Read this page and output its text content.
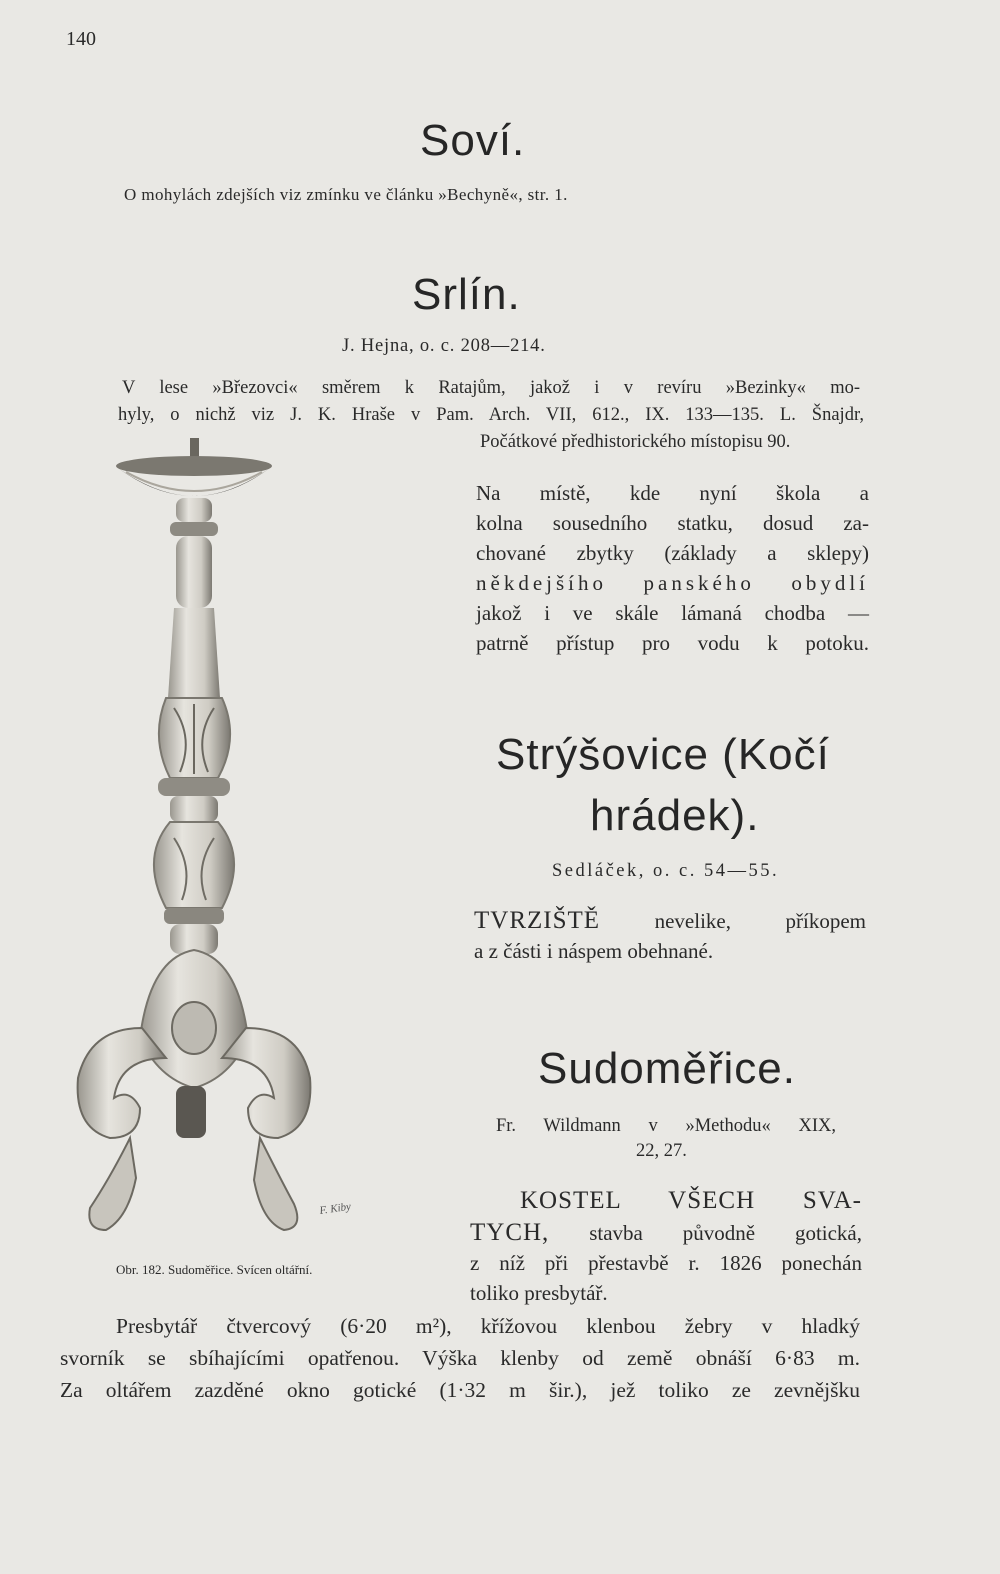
140
Soví.
O mohylách zdejších viz zmínku ve článku »Bechyně«, str. 1.
Srlín.
J. Hejna, o. c. 208—214.
V lese »Březovci« směrem k Ratajům, jakož i v revíru »Bezinky« mo-
hyly, o nichž viz J. K. Hraše v Pam. Arch. VII, 612., IX. 133—135. L. Šnajdr,
Počátkové předhistorického místopisu 90.
Na místě, kde nyní škola a
kolna sousedního statku, dosud za-
chované zbytky (základy a sklepy)
někdejšího panského obydlí
jakož i ve skále lámaná chodba —
patrně přístup pro vodu k potoku.
Strýšovice (Kočí
hrádek).
Sedláček, o. c. 54—55.
TVRZIŠTĚ	nevelike, příkopem
a z části i náspem obehnané.
Sudoměřice.
Fr. Wildmann v »Methodu« XIX,
22, 27.
KOSTEL VŠECH SVA-
TYCH, stavba původně gotická,
z níž při přestavbě r. 1826 ponechán
toliko presbytář.
Presbytář čtvercový (6·20 m²), křížovou klenbou žebry v hladký
svorník se sbíhajícími opatřenou. Výška klenby od země obnáší 6·83 m.
Za oltářem zazděné okno gotické (1·32 m šir.), jež toliko ze zevnějšku
F. Kiby
Obr. 182. Sudoměřice. Svícen oltářní.
